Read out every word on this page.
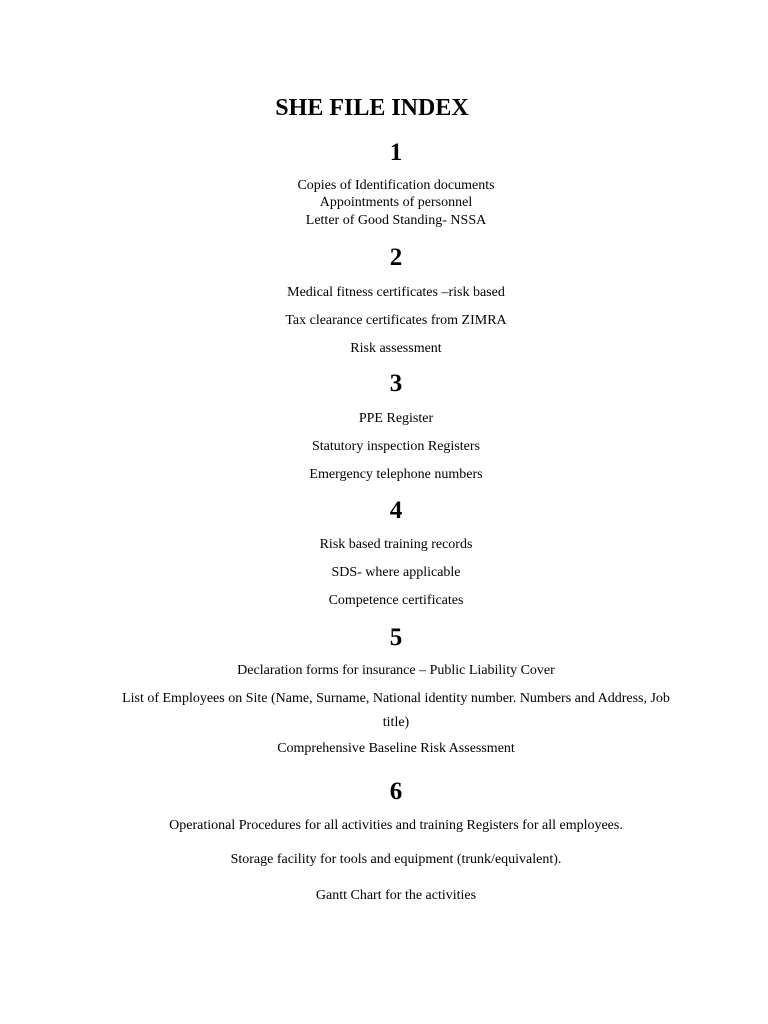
SHE FILE INDEX
1
Copies of Identification documents
Appointments of personnel
Letter of Good Standing- NSSA
2
Medical fitness certificates –risk based
Tax clearance certificates from ZIMRA
Risk assessment
3
PPE Register
Statutory inspection Registers
Emergency telephone numbers
4
Risk based training records
SDS- where applicable
Competence certificates
5
Declaration forms for insurance – Public Liability Cover
List of Employees on Site (Name, Surname, National identity number. Numbers and Address, Job
title)
Comprehensive Baseline Risk Assessment
6
Operational Procedures for all activities and training Registers for all employees.
Storage facility for tools and equipment (trunk/equivalent).
Gantt Chart for the activities
